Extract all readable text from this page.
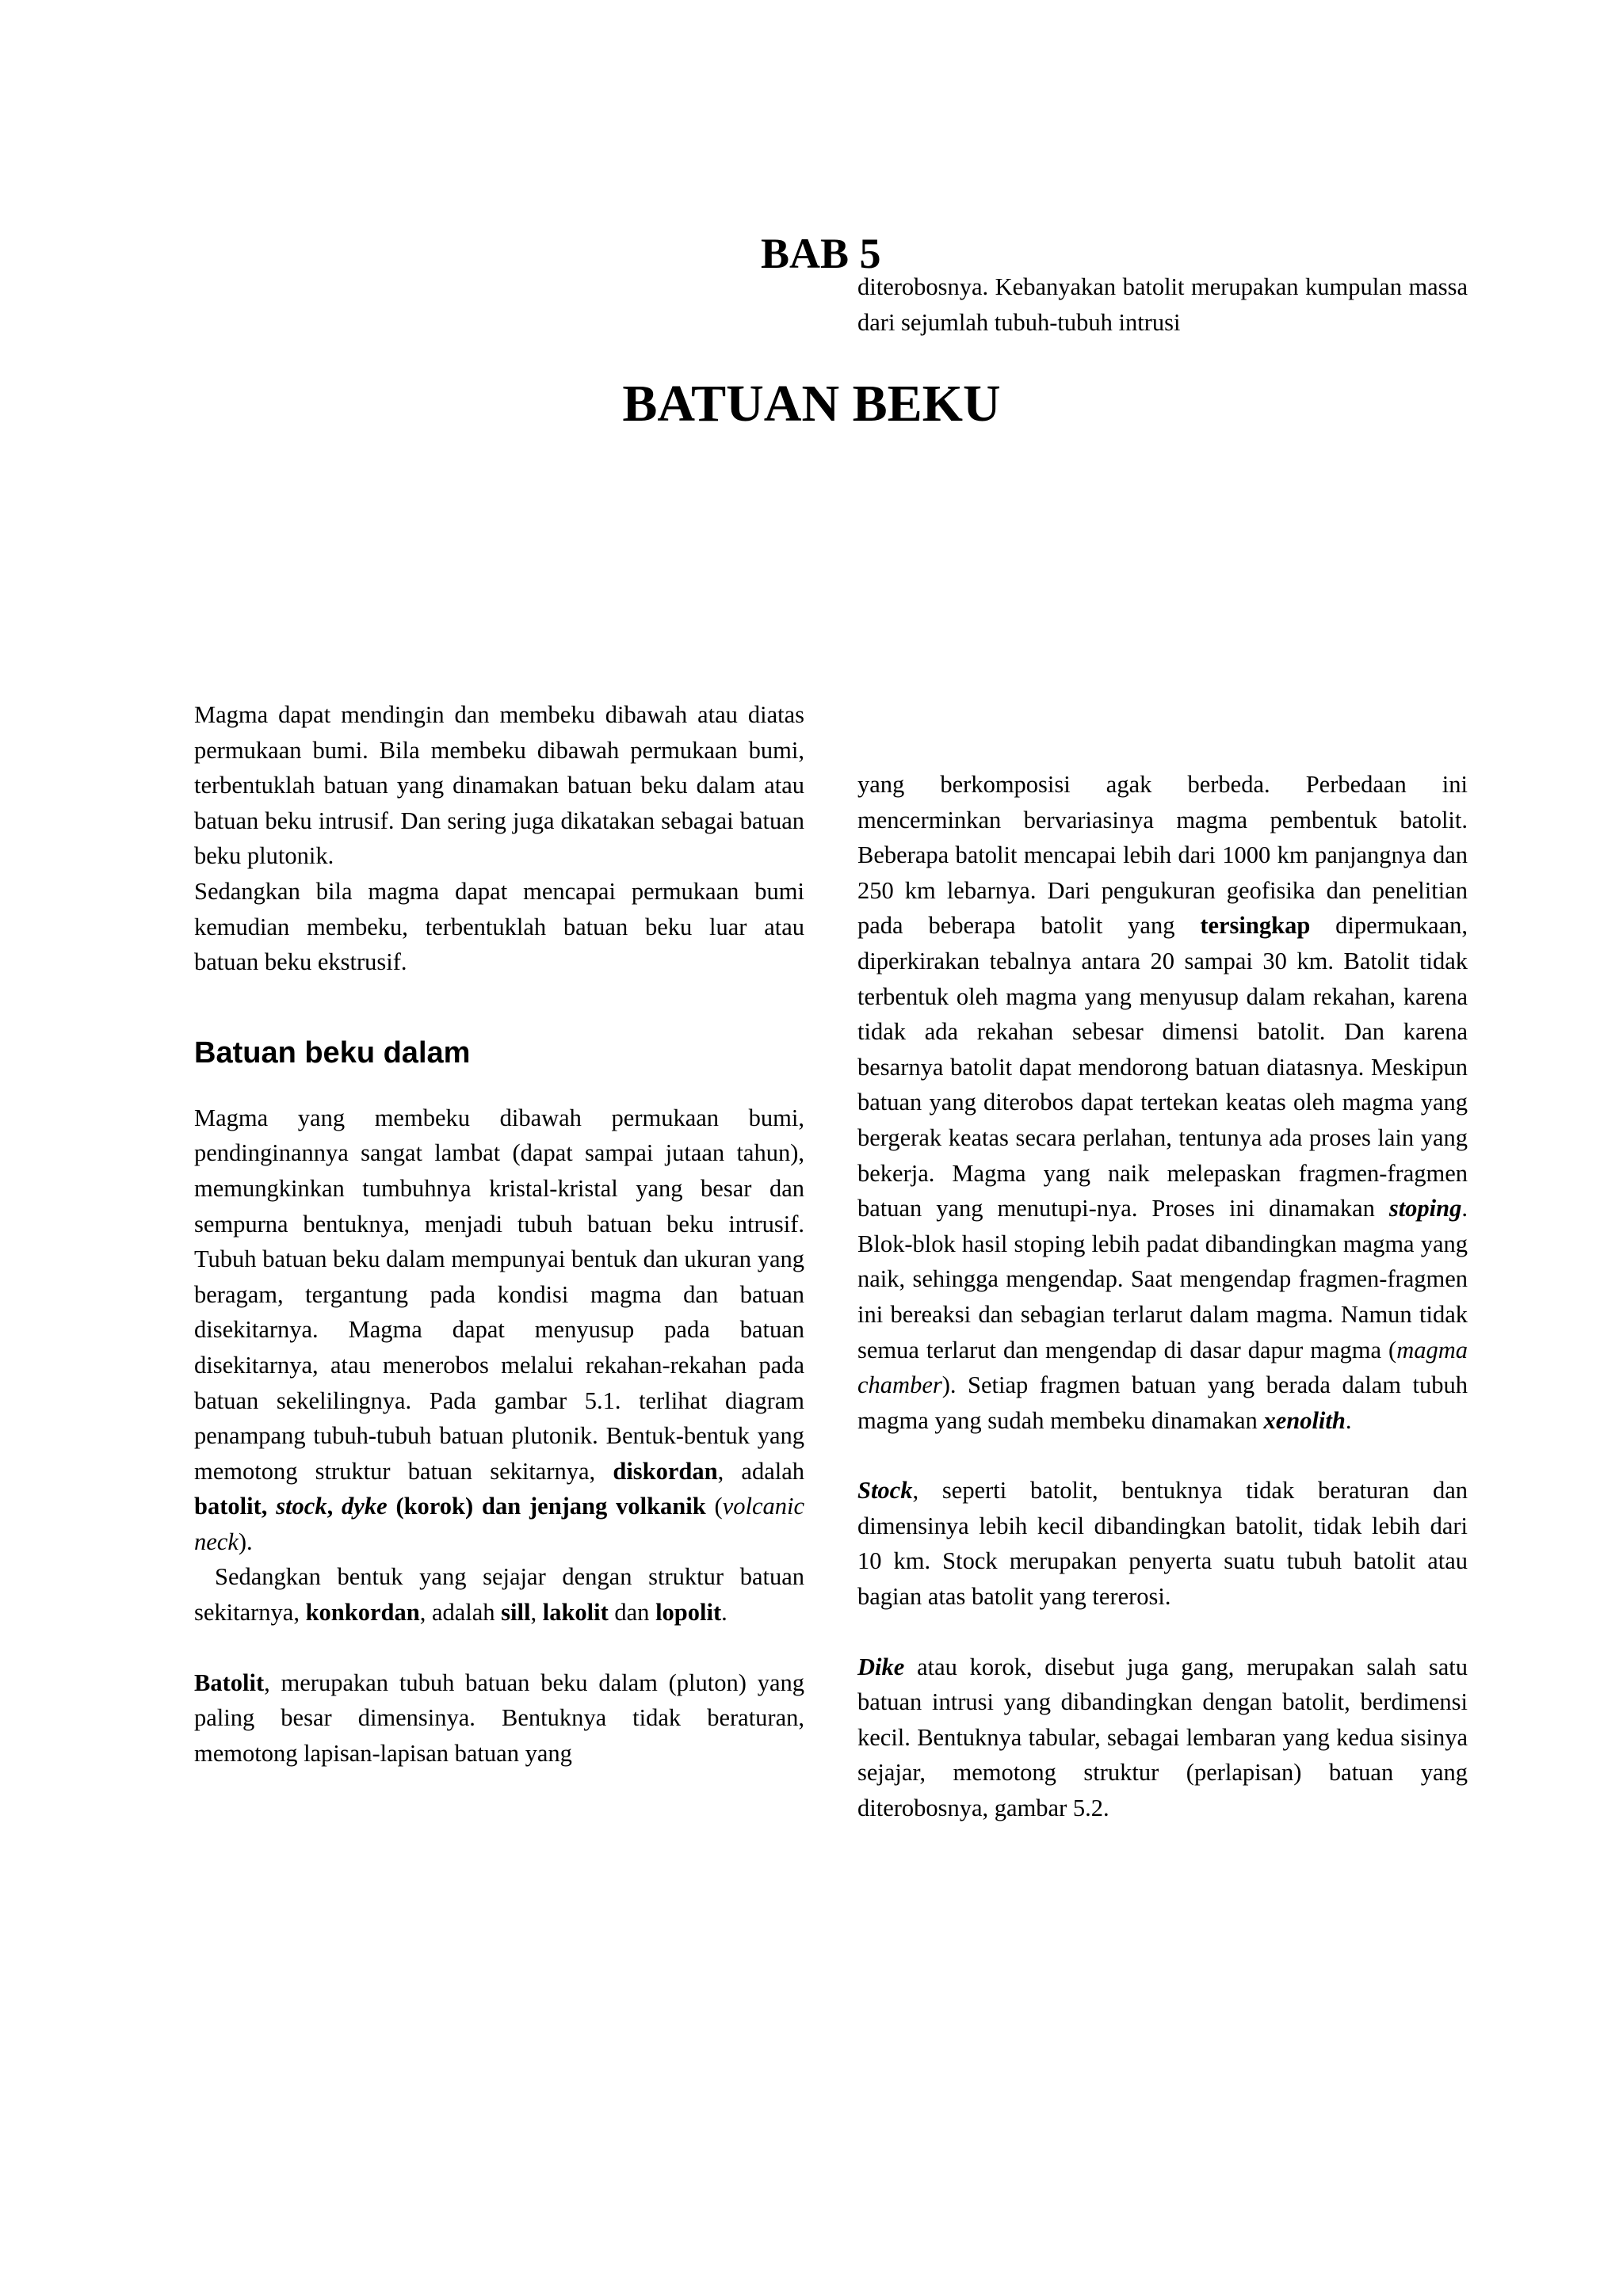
BAB 5
BATUAN BEKU

diterobosnya. Kebanyakan batolit merupakan kumpulan massa dari sejumlah tubuh-tubuh intrusi

Magma dapat mendingin dan membeku dibawah atau diatas permukaan bumi. Bila membeku dibawah permukaan bumi, terbentuklah batuan yang dinamakan batuan beku dalam atau batuan beku intrusif. Dan sering juga dikatakan sebagai batuan beku plutonik.

Sedangkan bila magma dapat mencapai permukaan bumi kemudian membeku, terbentuklah batuan beku luar atau batuan beku ekstrusif.

Batuan beku dalam

Magma yang membeku dibawah permukaan bumi, pendinginannya sangat lambat (dapat sampai jutaan tahun), memungkinkan tumbuhnya kristal-kristal yang besar dan sempurna bentuknya, menjadi tubuh batuan beku intrusif. Tubuh batuan beku dalam mempunyai bentuk dan ukuran yang beragam, tergantung pada kondisi magma dan batuan disekitarnya. Magma dapat menyusup pada batuan disekitarnya, atau menerobos melalui rekahan-rekahan pada batuan sekelilingnya. Pada gambar 5.1. terlihat diagram penampang tubuh-tubuh batuan plutonik. Bentuk-bentuk yang memotong struktur batuan sekitarnya, diskordan, adalah batolit, stock, dyke (korok) dan jenjang volkanik (volcanic neck).

Sedangkan bentuk yang sejajar dengan struktur batuan sekitarnya, konkordan, adalah sill, lakolit dan lopolit.

Batolit, merupakan tubuh batuan beku dalam (pluton) yang paling besar dimensinya. Bentuknya tidak beraturan, memotong lapisan-lapisan batuan yang

yang berkomposisi agak berbeda. Perbedaan ini mencerminkan bervariasinya magma pembentuk batolit. Beberapa batolit mencapai lebih dari 1000 km panjangnya dan 250 km lebarnya. Dari pengukuran geofisika dan penelitian pada beberapa batolit yang tersingkap dipermukaan, diperkirakan tebalnya antara 20 sampai 30 km. Batolit tidak terbentuk oleh magma yang menyusup dalam rekahan, karena tidak ada rekahan sebesar dimensi batolit. Dan karena besarnya batolit dapat mendorong batuan diatasnya. Meskipun batuan yang diterobos dapat tertekan keatas oleh magma yang bergerak keatas secara perlahan, tentunya ada proses lain yang bekerja. Magma yang naik melepaskan fragmen-fragmen batuan yang menutupi-nya. Proses ini dinamakan stoping. Blok-blok hasil stoping lebih padat dibandingkan magma yang naik, sehingga mengendap. Saat mengendap fragmen-fragmen ini bereaksi dan sebagian terlarut dalam magma. Namun tidak semua terlarut dan mengendap di dasar dapur magma (magma chamber). Setiap fragmen batuan yang berada dalam tubuh magma yang sudah membeku dinamakan xenolith.

Stock, seperti batolit, bentuknya tidak beraturan dan dimensinya lebih kecil dibandingkan batolit, tidak lebih dari 10 km. Stock merupakan penyerta suatu tubuh batolit atau bagian atas batolit yang tererosi.

Dike atau korok, disebut juga gang, merupakan salah satu batuan intrusi yang dibandingkan dengan batolit, berdimensi kecil. Bentuknya tabular, sebagai lembaran yang kedua sisinya sejajar, memotong struktur (perlapisan) batuan yang diterobosnya, gambar 5.2.
